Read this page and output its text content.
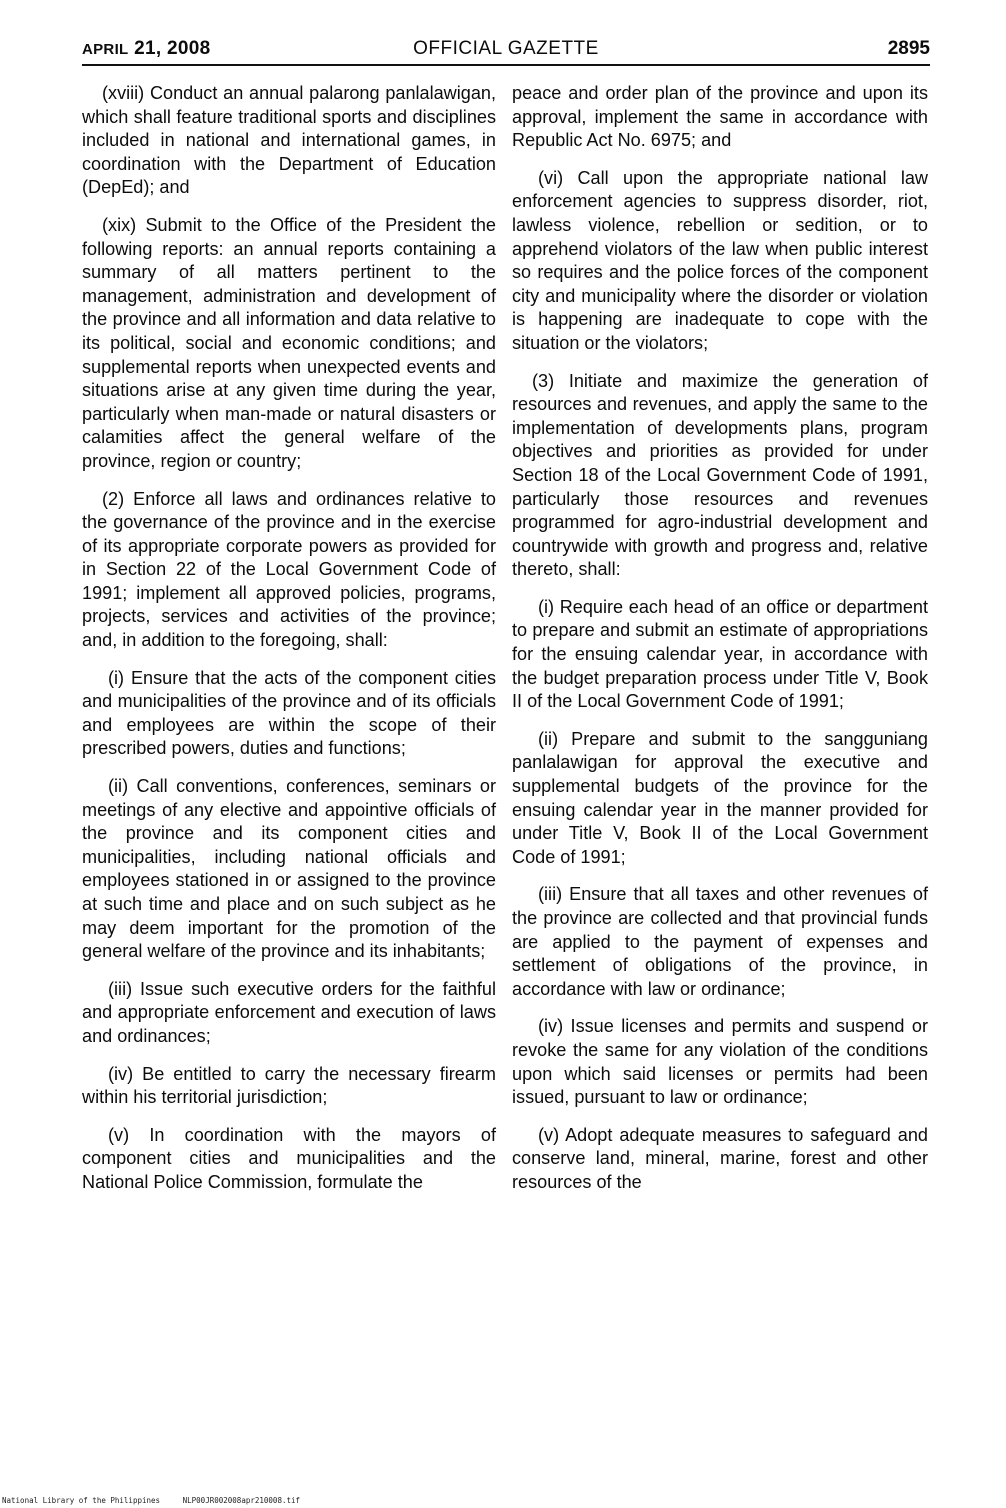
APRIL 21, 2008	OFFICIAL GAZETTE	2895

(xviii) Conduct an annual palarong panlalawigan, which shall feature traditional sports and disciplines included in national and international games, in coordination with the Department of Education (DepEd); and

(xix) Submit to the Office of the President the following reports: an annual reports containing a summary of all matters pertinent to the management, administration and development of the province and all information and data relative to its political, social and economic conditions; and supplemental reports when unexpected events and situations arise at any given time during the year, particularly when man-made or natural disasters or calamities affect the general welfare of the province, region or country;

(2) Enforce all laws and ordinances relative to the governance of the province and in the exercise of its appropriate corporate powers as provided for in Section 22 of the Local Government Code of 1991; implement all approved policies, programs, projects, services and activities of the province; and, in addition to the foregoing, shall:

(i) Ensure that the acts of the component cities and municipalities of the province and of its officials and employees are within the scope of their prescribed powers, duties and functions;

(ii) Call conventions, conferences, seminars or meetings of any elective and appointive officials of the province and its component cities and municipalities, including national officials and employees stationed in or assigned to the province at such time and place and on such subject as he may deem important for the promotion of the general welfare of the province and its inhabitants;

(iii) Issue such executive orders for the faithful and appropriate enforcement and execution of laws and ordinances;

(iv) Be entitled to carry the necessary firearm within his territorial jurisdiction;

(v) In coordination with the mayors of component cities and municipalities and the National Police Commission, formulate the

peace and order plan of the province and upon its approval, implement the same in accordance with Republic Act No. 6975; and

(vi) Call upon the appropriate national law enforcement agencies to suppress disorder, riot, lawless violence, rebellion or sedition, or to apprehend violators of the law when public interest so requires and the police forces of the component city and municipality where the disorder or violation is happening are inadequate to cope with the situation or the violators;

(3) Initiate and maximize the generation of resources and revenues, and apply the same to the implementation of developments plans, program objectives and priorities as provided for under Section 18 of the Local Government Code of 1991, particularly those resources and revenues programmed for agro-industrial development and countrywide with growth and progress and, relative thereto, shall:

(i) Require each head of an office or department to prepare and submit an estimate of appropriations for the ensuing calendar year, in accordance with the budget preparation process under Title V, Book II of the Local Government Code of 1991;

(ii) Prepare and submit to the sangguniang panlalawigan for approval the executive and supplemental budgets of the province for the ensuing calendar year in the manner provided for under Title V, Book II of the Local Government Code of 1991;

(iii) Ensure that all taxes and other revenues of the province are collected and that provincial funds are applied to the payment of expenses and settlement of obligations of the province, in accordance with law or ordinance;

(iv) Issue licenses and permits and suspend or revoke the same for any violation of the conditions upon which said licenses or permits had been issued, pursuant to law or ordinance;

(v) Adopt adequate measures to safeguard and conserve land, mineral, marine, forest and other resources of the

National Library of the Philippines	NLP00JR002008apr210008.tif
